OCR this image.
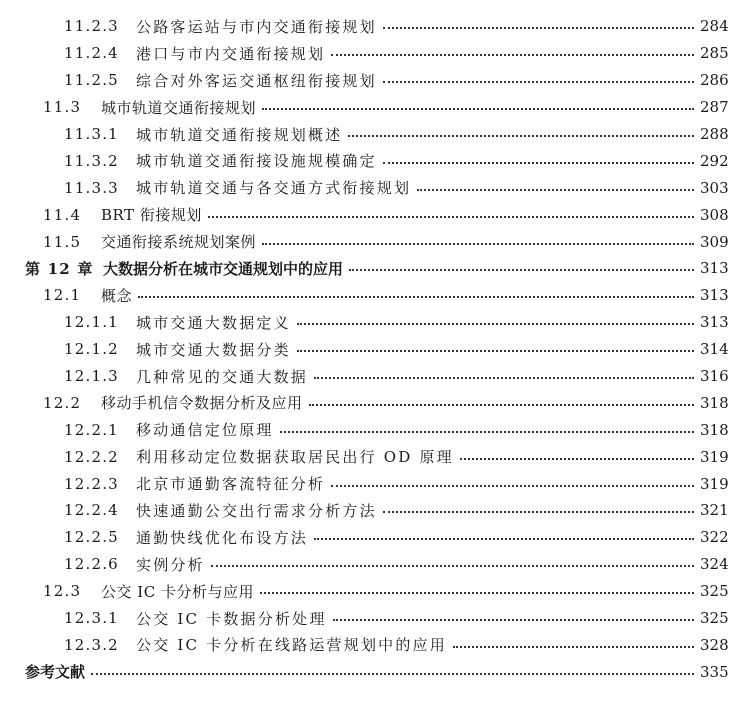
11.2.3	公路客运站与市内交通衔接规划	284
11.2.4	港口与市内交通衔接规划	285
11.2.5	综合对外客运交通枢纽衔接规划	286
11.3	城市轨道交通衔接规划	287
11.3.1	城市轨道交通衔接规划概述	288
11.3.2	城市轨道交通衔接设施规模确定	292
11.3.3	城市轨道交通与各交通方式衔接规划	303
11.4	BRT 衔接规划	308
11.5	交通衔接系统规划案例	309
第 12 章 大数据分析在城市交通规划中的应用	313
12.1	概念	313
12.1.1	城市交通大数据定义	313
12.1.2	城市交通大数据分类	314
12.1.3	几种常见的交通大数据	316
12.2	移动手机信令数据分析及应用	318
12.2.1	移动通信定位原理	318
12.2.2	利用移动定位数据获取居民出行 OD 原理	319
12.2.3	北京市通勤客流特征分析	319
12.2.4	快速通勤公交出行需求分析方法	321
12.2.5	通勤快线优化布设方法	322
12.2.6	实例分析	324
12.3	公交 IC 卡分析与应用	325
12.3.1	公交 IC 卡数据分析处理	325
12.3.2	公交 IC 卡分析在线路运营规划中的应用	328
参考文献	335
